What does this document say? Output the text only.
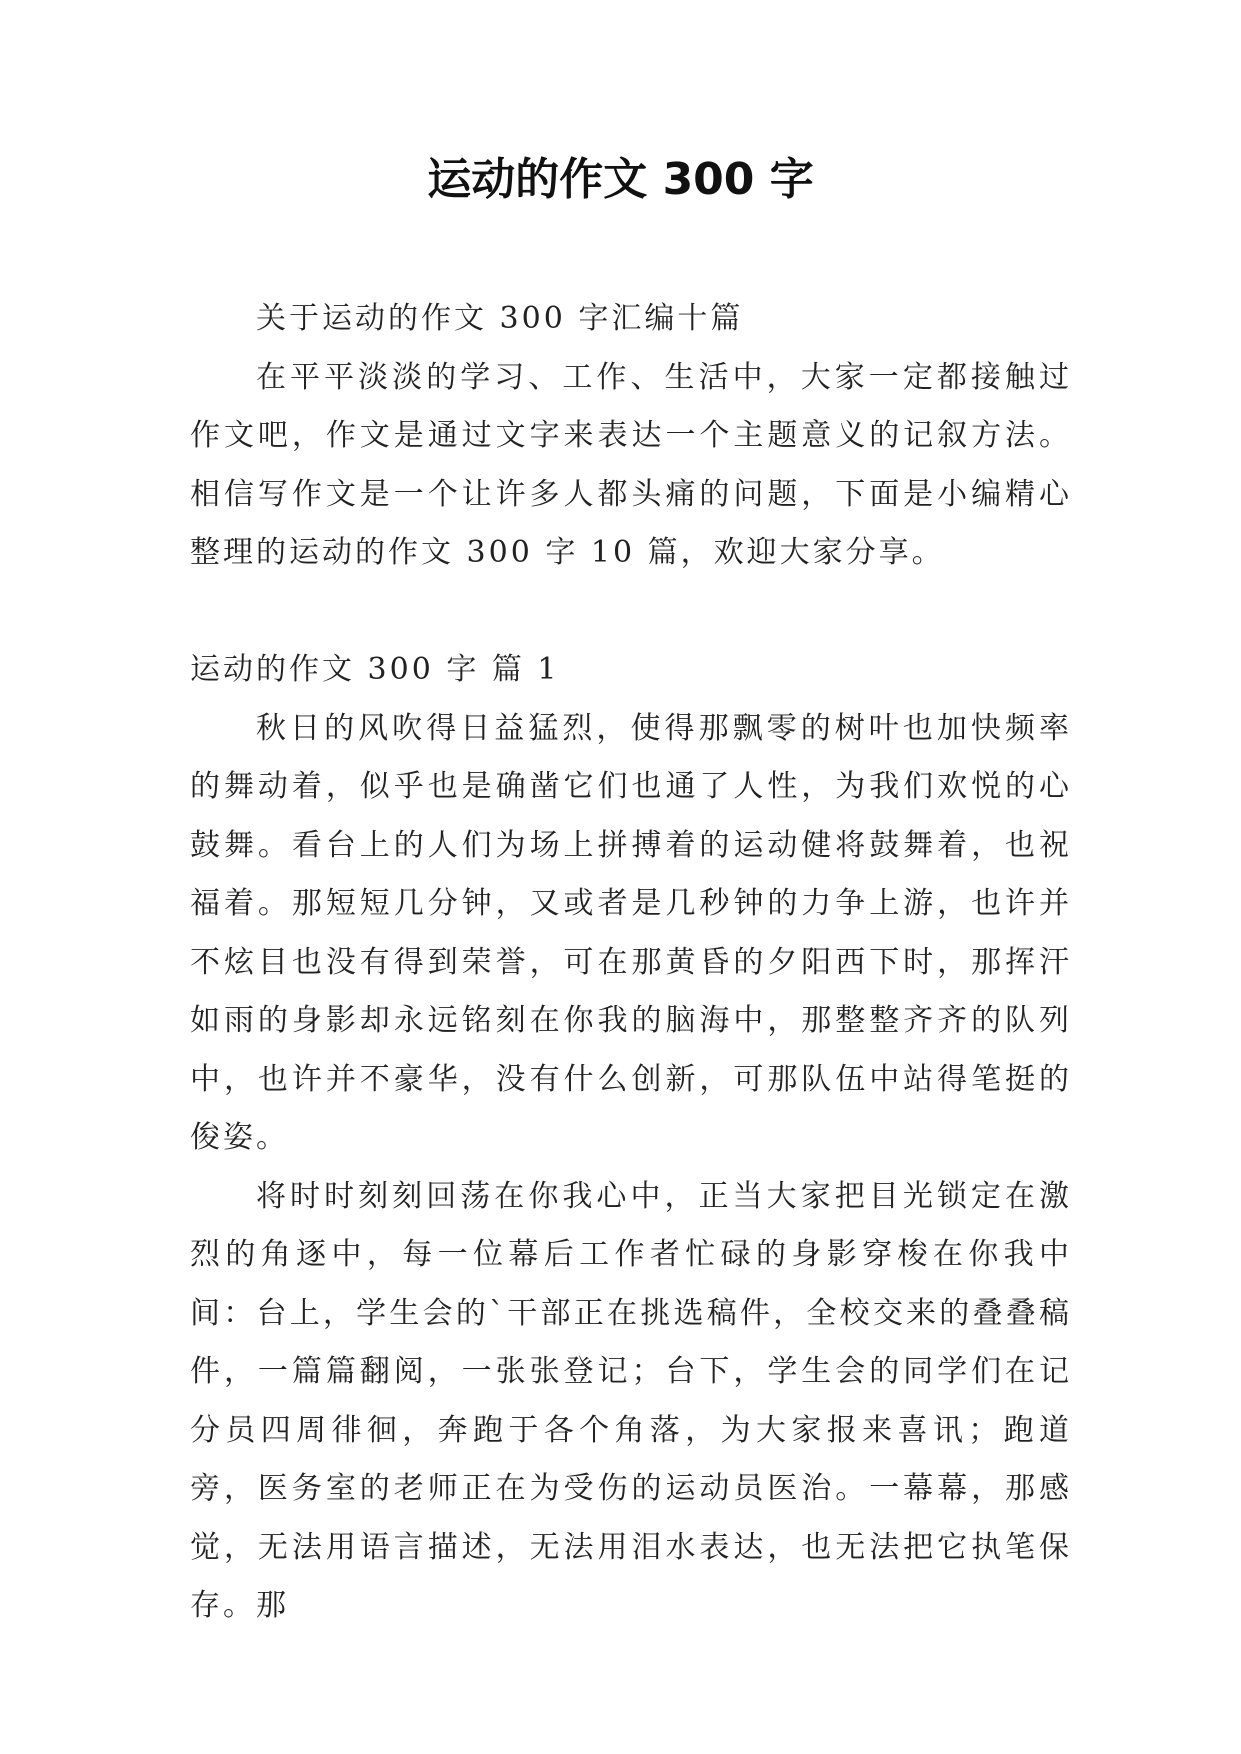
运动的作文 300 字

关于运动的作文 300 字汇编十篇

在平平淡淡的学习、工作、生活中，大家一定都接触过作文吧，作文是通过文字来表达一个主题意义的记叙方法。相信写作文是一个让许多人都头痛的问题，下面是小编精心整理的运动的作文 300 字 10 篇，欢迎大家分享。

运动的作文 300 字 篇 1

秋日的风吹得日益猛烈，使得那飘零的树叶也加快频率的舞动着，似乎也是确凿它们也通了人性，为我们欢悦的心鼓舞。看台上的人们为场上拼搏着的运动健将鼓舞着，也祝福着。那短短几分钟，又或者是几秒钟的力争上游，也许并不炫目也没有得到荣誉，可在那黄昏的夕阳西下时，那挥汗如雨的身影却永远铭刻在你我的脑海中，那整整齐齐的队列中，也许并不豪华，没有什么创新，可那队伍中站得笔挺的俊姿。

将时时刻刻回荡在你我心中，正当大家把目光锁定在激烈的角逐中，每一位幕后工作者忙碌的身影穿梭在你我中间：台上，学生会的`干部正在挑选稿件，全校交来的叠叠稿件，一篇篇翻阅，一张张登记；台下，学生会的同学们在记分员四周徘徊，奔跑于各个角落，为大家报来喜讯；跑道旁，医务室的老师正在为受伤的运动员医治。一幕幕，那感觉，无法用语言描述，无法用泪水表达，也无法把它执笔保存。那
